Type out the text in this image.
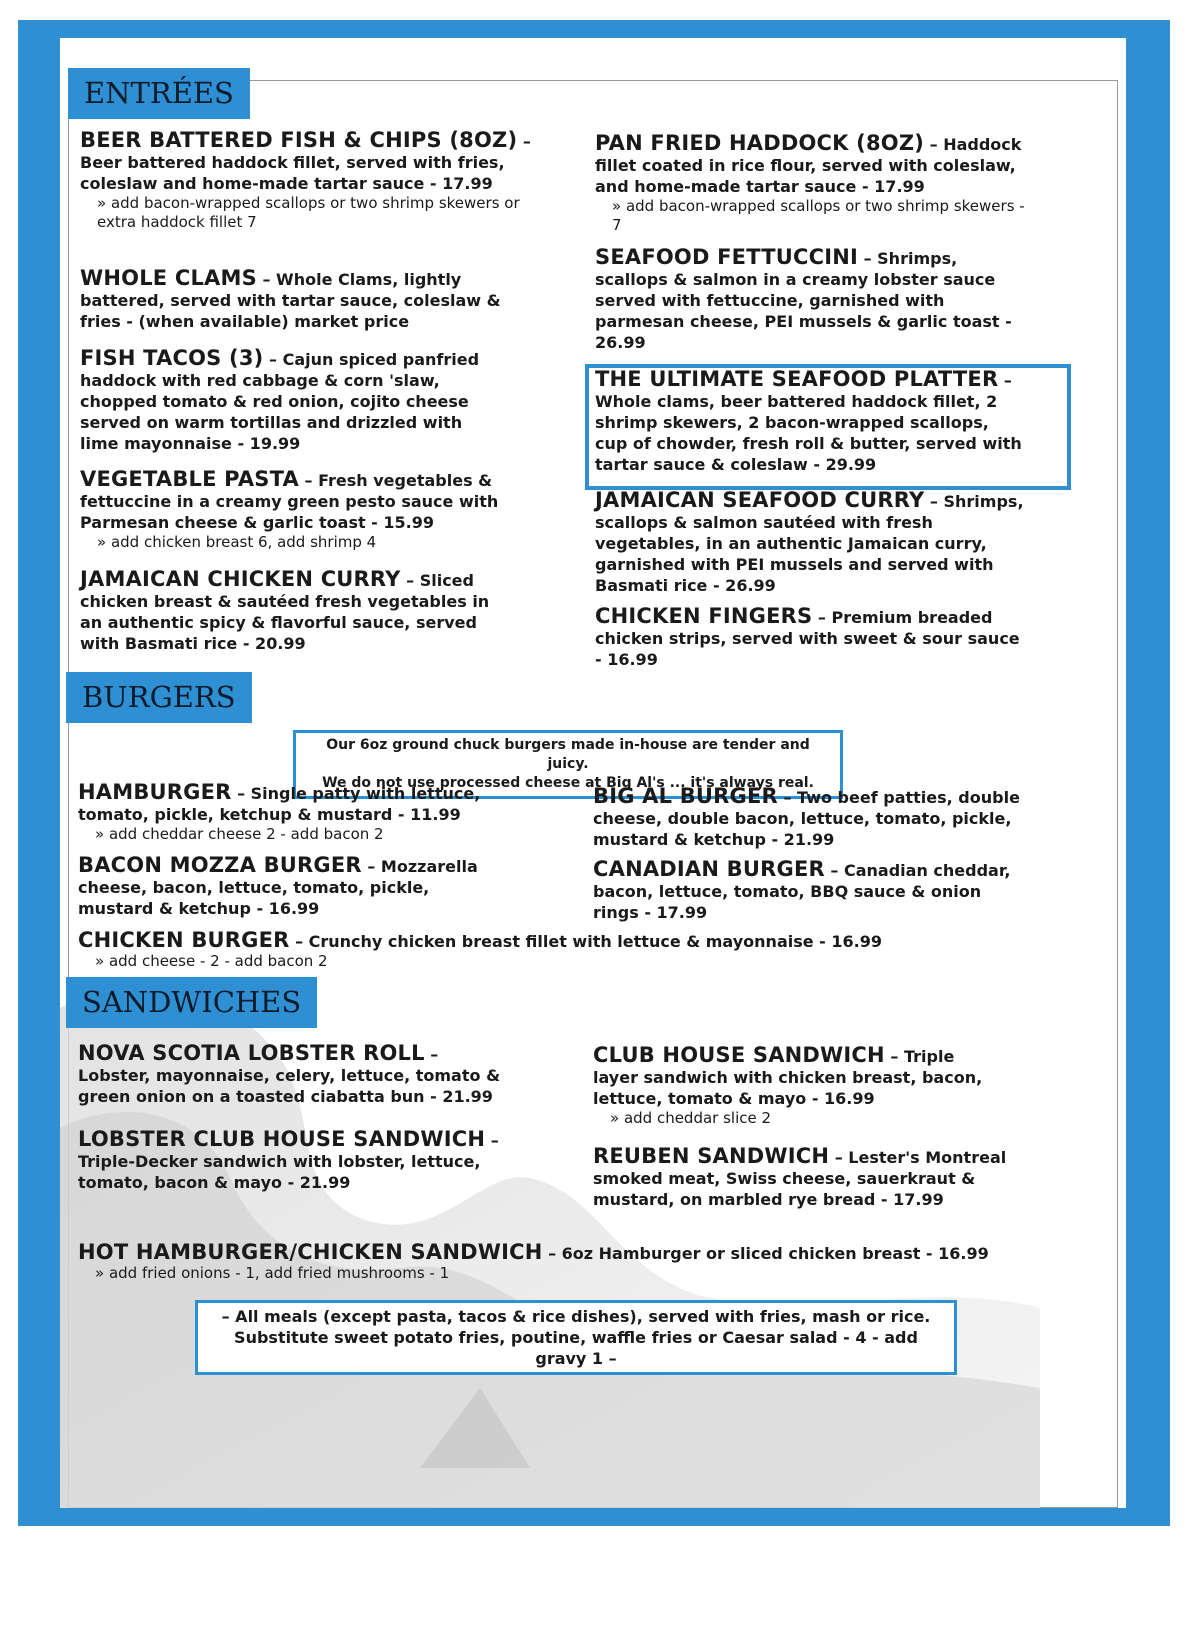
ENTRÉES
BEER BATTERED FISH & CHIPS (8OZ) – Beer battered haddock fillet, served with fries, coleslaw and home-made tartar sauce - 17.99
» add bacon-wrapped scallops or two shrimp skewers or extra haddock fillet 7
WHOLE CLAMS – Whole Clams, lightly battered, served with tartar sauce, coleslaw & fries - (when available) market price
FISH TACOS (3) – Cajun spiced panfried haddock with red cabbage & corn 'slaw, chopped tomato & red onion, cojito cheese served on warm tortillas and drizzled with lime mayonnaise - 19.99
VEGETABLE PASTA – Fresh vegetables & fettuccine in a creamy green pesto sauce with Parmesan cheese & garlic toast - 15.99
» add chicken breast 6, add shrimp 4
JAMAICAN CHICKEN CURRY – Sliced chicken breast & sautéed fresh vegetables in an authentic spicy & flavorful sauce, served with Basmati rice - 20.99
PAN FRIED HADDOCK (8OZ) – Haddock fillet coated in rice flour, served with coleslaw, and home-made tartar sauce - 17.99
» add bacon-wrapped scallops or two shrimp skewers - 7
SEAFOOD FETTUCCINI – Shrimps, scallops & salmon in a creamy lobster sauce served with fettuccine, garnished with parmesan cheese, PEI mussels & garlic toast - 26.99
THE ULTIMATE SEAFOOD PLATTER – Whole clams, beer battered haddock fillet, 2 shrimp skewers, 2 bacon-wrapped scallops, cup of chowder, fresh roll & butter, served with tartar sauce & coleslaw - 29.99
JAMAICAN SEAFOOD CURRY – Shrimps, scallops & salmon sautéed with fresh vegetables, in an authentic Jamaican curry, garnished with PEI mussels and served with Basmati rice - 26.99
CHICKEN FINGERS – Premium breaded chicken strips, served with sweet & sour sauce - 16.99
BURGERS
Our 6oz ground chuck burgers made in-house are tender and juicy.
We do not use processed cheese at Big Al's ... it's always real.
HAMBURGER – Single patty with lettuce, tomato, pickle, ketchup & mustard - 11.99
» add cheddar cheese 2 - add bacon 2
BACON MOZZA BURGER – Mozzarella cheese, bacon, lettuce, tomato, pickle, mustard & ketchup - 16.99
BIG AL BURGER – Two beef patties, double cheese, double bacon, lettuce, tomato, pickle, mustard & ketchup - 21.99
CANADIAN BURGER – Canadian cheddar, bacon, lettuce, tomato, BBQ sauce & onion rings - 17.99
CHICKEN BURGER – Crunchy chicken breast fillet with lettuce & mayonnaise - 16.99
» add cheese - 2 - add bacon 2
SANDWICHES
NOVA SCOTIA LOBSTER ROLL – Lobster, mayonnaise, celery, lettuce, tomato & green onion on a toasted ciabatta bun - 21.99
LOBSTER CLUB HOUSE SANDWICH – Triple-Decker sandwich with lobster, lettuce, tomato, bacon & mayo - 21.99
CLUB HOUSE SANDWICH – Triple layer sandwich with chicken breast, bacon, lettuce, tomato & mayo - 16.99
» add cheddar slice 2
REUBEN SANDWICH – Lester's Montreal smoked meat, Swiss cheese, sauerkraut & mustard, on marbled rye bread - 17.99
HOT HAMBURGER/CHICKEN SANDWICH – 6oz Hamburger or sliced chicken breast - 16.99
» add fried onions - 1, add fried mushrooms - 1
– All meals (except pasta, tacos & rice dishes), served with fries, mash or rice.
Substitute sweet potato fries, poutine, waffle fries or Caesar salad - 4 - add gravy 1 –
